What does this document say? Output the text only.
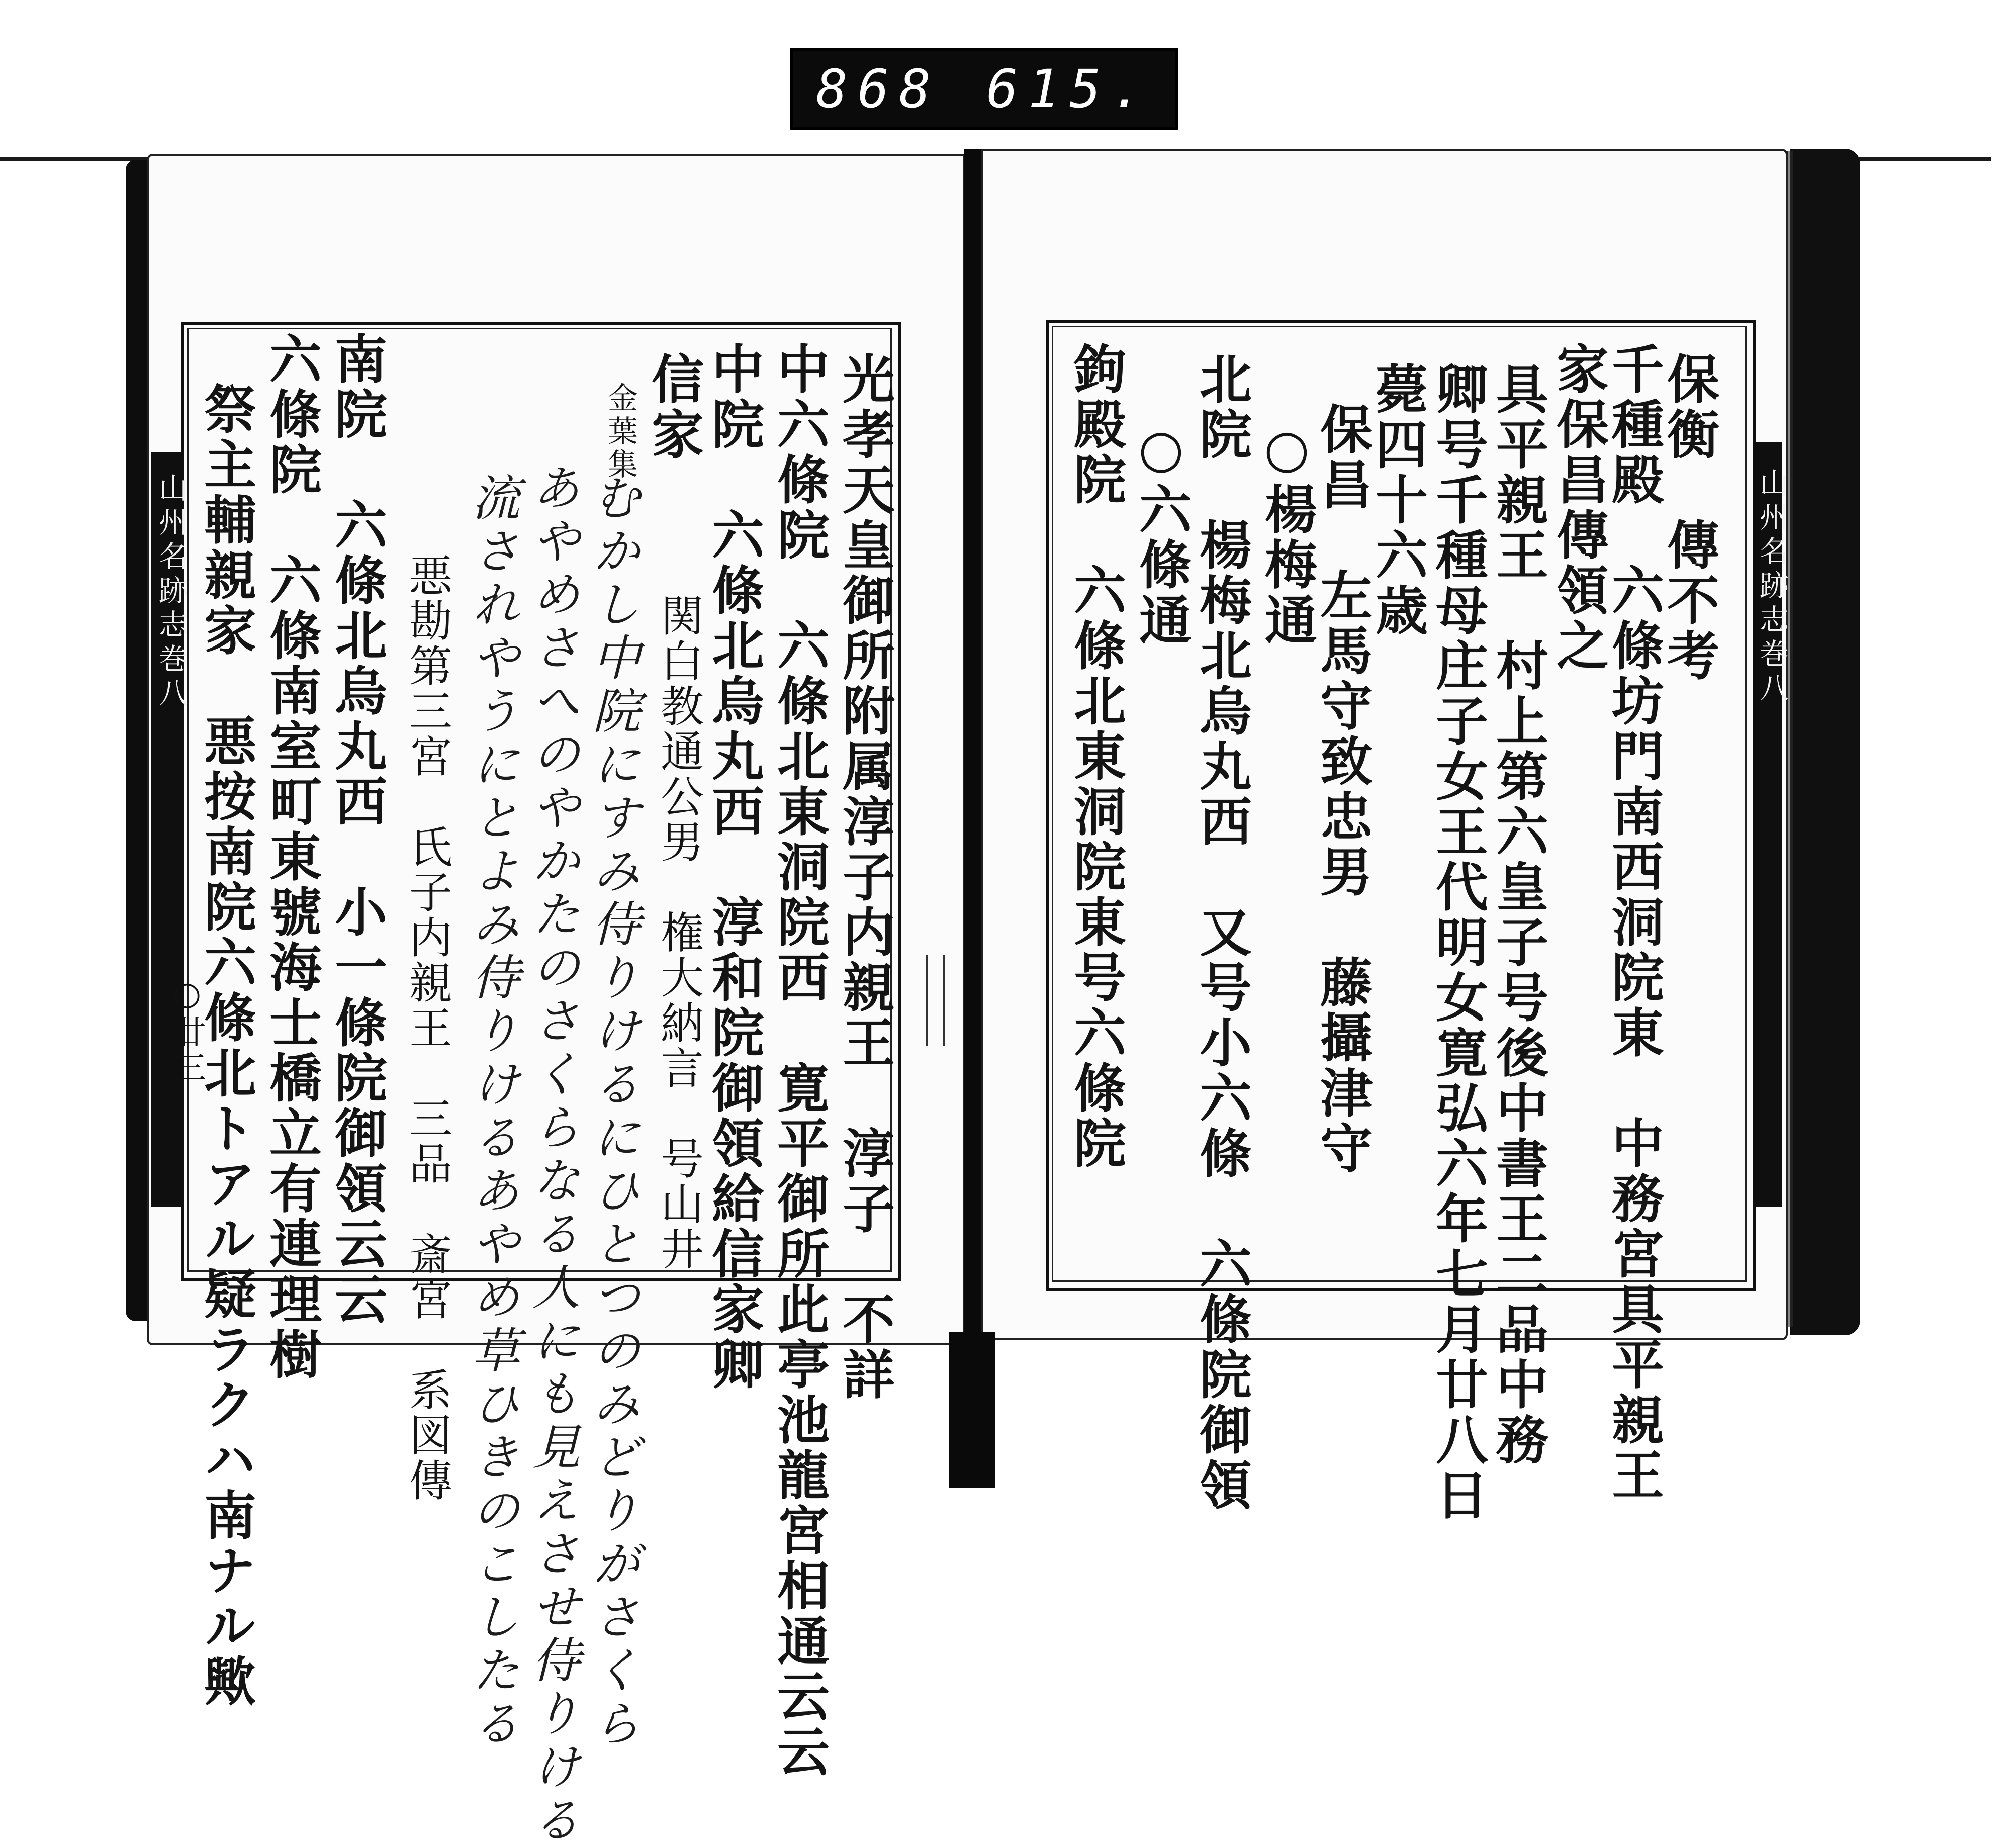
868 615.
山州名跡志巻八	山州名跡志巻八
保衡　傳不考
千種殿　六條坊門南西洞院東　中務宮具平親王
家保昌傳領之
具平親王　村上第六皇子号後中書王二品中務
卿号千種母庄子女王代明女寛弘六年七月廿八日
薨四十六歳
保昌　左馬守致忠男　藤攝津守
○楊梅通
北院　楊梅北烏丸西　又号小六條　六條院御領
○六條通
鉤殿院　六條北東洞院東号六條院
光孝天皇御所附属淳子内親王　淳子　不詳
中六條院　六條北東洞院西　寛平御所此亭池龍宮相通云云
中院　六條北烏丸西　淳和院御領給信家卿
信家
関白教通公男　権大納言　号山井
金葉集
むかし中院にすみ侍りけるにひとつのみどりがさくら
あやめさへのやかたのさくらなる人にも見えさせ侍りける
流されやうにとよみ侍りけるあやめ草ひきのこしたる
悪勘第三宮　氏子内親王　三品　斎宮　系図傳
南院　六條北烏丸西　小一條院御領云云
六條院　六條南室町東號海士橋立有連理樹
祭主輔親家　悪按南院六條北トアル疑ラクハ南ナル歟
○廿三
